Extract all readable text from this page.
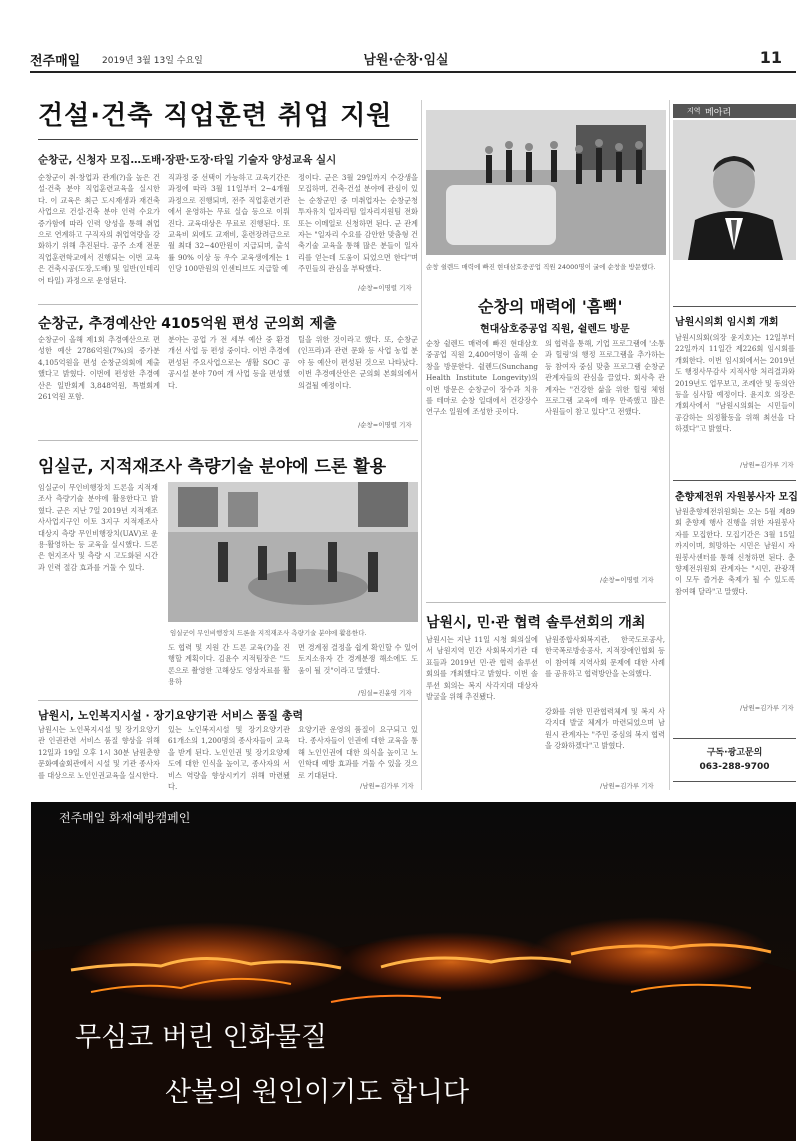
전주매일 2019년 3월 13일 수요일	남원·순창·임실	11
건설·건축 직업훈련 취업 지원
순창군, 신청자 모집…도배·장판·도장·타일 기술자 양성교육 실시
순창군이 취·창업과 관계(?)을 높은 건설·건축 분야 직업훈련교육을 실시한다. 이 교육은 최근 도시재생과 재건축 사업으로 건설·건축 분야 인력 수요가 증가함에 따라 인력 양성을 통해 취업으로 연계하고 구직자의 취업역량을 강화하기 위해 추진된다. 공주 소재 전문직업훈련학교에서 진행되는 이번 교육은 건축시공(도장,도배) 및 일반(인테리어 타일) 과정으로 운영된다.
직과정 중 선택이 가능하고 교육기간은 과정에 따라 3월 11일부터 2~4개월 과정으로 진행되며, 전주 직업훈련기관에서 운영하는 무료 실습 등으로 이뤄진다. 교육대상은 무료로 진행된다. 또 교육비 외에도 교재비, 훈련장려금으로 월 최대 32~40만원이 지급되며, 출석률 90% 이상 등 우수 교육생에게는 1인당 100만원의 인센티브도 지급할 예
정이다. 군은 3월 29일까지 수강생을 모집하며, 건축·건설 분야에 관심이 있는 순창군민 중 미취업자는 순창군청 투자유치 일자리팀 일자리지원팀 전화 또는 이메일로 신청하면 된다. 군 관계자는 "일자리 수요를 감안한 맞춤형 건축기술 교육을 통해 많은 분들이 일자리를 얻는데 도움이 되었으면 한다"며 주민들의 관심을 부탁했다.
/순창=이명렬 기자
순창 쉴렌드 매력에 빠진 현대삼호중공업 직원 24000명이 굴에 순창을 방문했다.
순창의 매력에 '흠뻑'
현대삼호중공업 직원, 쉴렌드 방문
순창 쉴렌드 매력에 빠진 현대삼호중공업 직원 2,400여명이 올해 순창을 방문한다. 쉴렌드(Sunchang Health Institute Longevity)의 이번 방문은 순창군이 장수과 치유를 테마로 순창 일대에서 건강장수연구소 일원에 조성한 곳이다.
의 협력을 통해, 기업 프로그램에 '소통과 힐링'의 행정 프로그램을 추가하는 등 참여자 중심 맞춤 프로그램 순창군 관계자들의 관심을 끌었다. 회사측 관계자는 "건강한 삶을 위한 힐링 체험 프로그램 교육에 매우 만족했고 많은 사원들이 참고 있다"고 전했다.
/순창=이명렬 기자
순창군, 추경예산안 4105억원 편성 군의회 제출
순창군이 올해 제1회 추경예산으로 편성한 예산 2786억원(7%)의 증가분 4,105억원을 편성 순창군의회에 제출했다고 밝혔다. 이번에 편성한 추경예산은 일반회계 3,848억원, 특별회계 261억원 포함.
분야는 공업 가 전 세부 예산 중 환경 개선 사업 등 편성 중이다. 이번 추경에 편성된 주요사업으로는 생활 SOC 공공시설 분야 70여 개 사업 등을 편성했다.
틸을 위한 것이라고 했다. 또, 순창군(인프라)과 관련 문화 등 사업 농업 분야 등 예산이 편성된 것으로 나타났다. 이번 추경예산안은 군의회 본회의에서 의결될 예정이다.
/순창=이명렬 기자
임실군, 지적재조사 측량기술 분야에 드론 활용
임실군이 무인비행장치 드론을 지적재조사 측량기술 분야에 활용한다고 밝혔다. 군은 지난 7일 2019년 지적재조사사업지구인 이토 3지구 지적재조사 대상지 측량 무인비행장치(UAV)로 운용·활영하는 등 교육을 실시했다. 드론은 현지조사 및 측량 시 고도화된 시간과 인력 절감 효과를 거둘 수 있다.
임실군이 무인비행장치 드론을 지적재조사 측량기술 분야에 활용한다.
도 협력 및 지원 간 드론 교육(?)을 진행할 계획이다. 김윤수 지적팀장은 "드론으로 촬영한 고해상도 영상자료를 활용하
면 경계점 결정을 쉽게 확인할 수 있어 토지소유자 간 경계분쟁 해소에도 도움이 될 것"이라고 말했다.
/임실=진윤영 기자
남원시, 노인복지시설 · 장기요양기관 서비스 품질 총력
남원시는 노인복지시설 및 장기요양기관 인권관련 서비스 품질 향상을 위해 12일과 19일 오후 1시 30분 남원춘향문화예술회관에서 시설 및 기관 종사자를 대상으로 노인인권교육을 실시한다.
있는 노인복지시설 및 장기요양기관 61개소의 1,200명의 종사자들이 교육을 받게 된다. 노인인권 및 장기요양제도에 대한 인식을 높이고, 종사자의 서비스 역량을 향상시키기 위해 마련됐다.
요양기관 운영의 품질이 요구되고 있다. 종사자들이 인권에 대한 교육을 통해 노인인권에 대한 의식을 높이고 노인학대 예방 효과를 거둘 수 있을 것으로 기대된다.
/남원=김가루 기자
남원시, 민·관 협력 솔루션회의 개최
남원시는 지난 11일 시청 회의실에서 남원지역 민간 사회복지기관 대표들과 2019년 민·관 협력 솔루션회의를 개최했다고 밝혔다. 이번 솔루션 회의는 복지 사각지대 대상자 발굴을 위해 추진됐다.
남원종합사회복지관, 한국도로공사, 한국폭로방송공사, 지적장애인협회 등이 참여해 지역사회 문제에 대한 사례를 공유하고 협력방안을 논의했다.
강화를 위한 민관협력체계 및 복지 사각지대 발굴 체계가 마련되었으며 남원시 관계자는 "주민 중심의 복지 협력을 강화하겠다"고 밝혔다.
/남원=김가루 기자
지역 메아리
남원시의회 임시회 개회
남원시의회(의장 윤지호)는 12일부터 22일까지 11일간 제226회 임시회를 개회한다. 이번 임시회에서는 2019년도 행정사무감사 지적사항 처리결과와 2019년도 업무보고, 조례안 및 동의안 등을 심사할 예정이다. 윤지호 의장은 개회사에서 "남원시의회는 시민들이 공감하는 의정활동을 위해 최선을 다하겠다"고 밝혔다.
/남원=김가루 기자
춘향제전위 자원봉사자 모집
남원춘향제전위원회는 오는 5월 제89회 춘향제 행사 진행을 위한 자원봉사자를 모집한다. 모집기간은 3월 15일까지이며, 희망하는 시민은 남원시 자원봉사센터를 통해 신청하면 된다. 춘향제전위원회 관계자는 "시민, 관광객이 모두 즐거운 축제가 될 수 있도록 참여해 달라"고 말했다.
/남원=김가루 기자
구독·광고문의
063-288-9700
전주매일 화재예방캠페인
무심코 버린 인화물질
산불의 원인이기도 합니다
